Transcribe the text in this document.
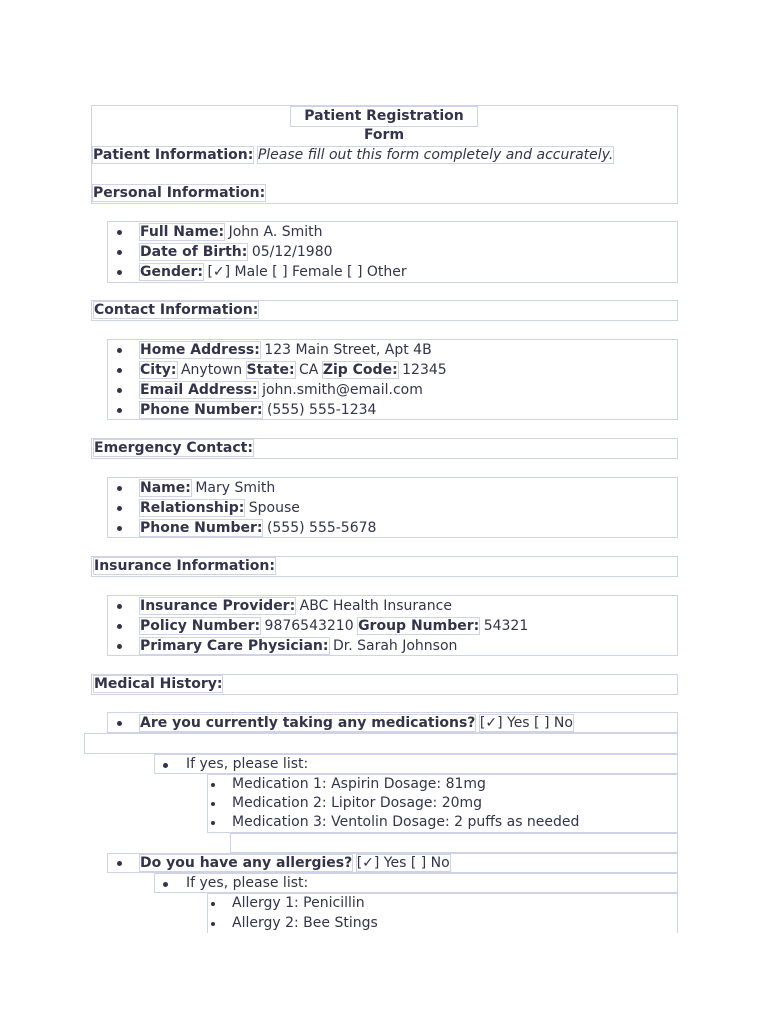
Patient Registration Form
Patient Information: Please fill out this form completely and accurately.
Personal Information:
Full Name: John A. Smith
Date of Birth: 05/12/1980
Gender: [✓] Male [ ] Female [ ] Other
Contact Information:
Home Address: 123 Main Street, Apt 4B
City: Anytown State: CA Zip Code: 12345
Email Address: john.smith@email.com
Phone Number: (555) 555-1234
Emergency Contact:
Name: Mary Smith
Relationship: Spouse
Phone Number: (555) 555-5678
Insurance Information:
Insurance Provider: ABC Health Insurance
Policy Number: 9876543210 Group Number: 54321
Primary Care Physician: Dr. Sarah Johnson
Medical History:
Are you currently taking any medications? [✓] Yes [ ] No
If yes, please list:
Medication 1: Aspirin Dosage: 81mg
Medication 2: Lipitor Dosage: 20mg
Medication 3: Ventolin Dosage: 2 puffs as needed
Do you have any allergies? [✓] Yes [ ] No
If yes, please list:
Allergy 1: Penicillin
Allergy 2: Bee Stings
